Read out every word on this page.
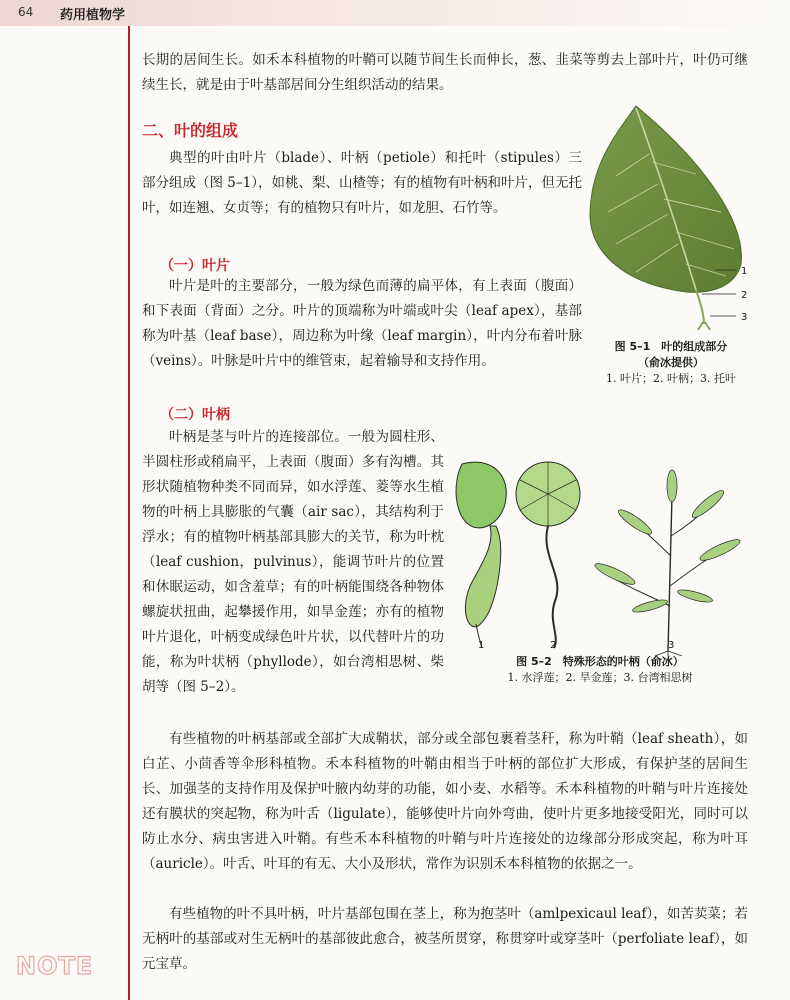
64 药用植物学
NOTE

长期的居间生长。如禾本科植物的叶鞘可以随节间生长而伸长，葱、韭菜等剪去上部叶片，叶仍可继续生长，就是由于叶基部居间分生组织活动的结果。

二、叶的组成

典型的叶由叶片（blade）、叶柄（petiole）和托叶（stipules）三部分组成（图 5–1），如桃、梨、山楂等；有的植物有叶柄和叶片，但无托叶，如连翘、女贞等；有的植物只有叶片，如龙胆、石竹等。

（一）叶片

叶片是叶的主要部分，一般为绿色而薄的扁平体，有上表面（腹面）和下表面（背面）之分。叶片的顶端称为叶端或叶尖（leaf apex），基部称为叶基（leaf base），周边称为叶缘（leaf margin），叶内分布着叶脉（veins）。叶脉是叶片中的维管束，起着输导和支持作用。

（二）叶柄

叶柄是茎与叶片的连接部位。一般为圆柱形、半圆柱形或稍扁平，上表面（腹面）多有沟槽。其形状随植物种类不同而异，如水浮莲、菱等水生植物的叶柄上具膨胀的气囊（air sac），其结构利于浮水；有的植物叶柄基部具膨大的关节，称为叶枕（leaf cushion，pulvinus），能调节叶片的位置和休眠运动，如含羞草；有的叶柄能围绕各种物体螺旋状扭曲，起攀援作用，如旱金莲；亦有的植物叶片退化，叶柄变成绿色叶片状，以代替叶片的功能，称为叶状柄（phyllode），如台湾相思树、柴胡等（图 5–2）。

有些植物的叶柄基部或全部扩大成鞘状，部分或全部包裹着茎秆，称为叶鞘（leaf sheath），如白芷、小茴香等伞形科植物。禾本科植物的叶鞘由相当于叶柄的部位扩大形成，有保护茎的居间生长、加强茎的支持作用及保护叶腋内幼芽的功能，如小麦、水稻等。禾本科植物的叶鞘与叶片连接处还有膜状的突起物，称为叶舌（ligulate），能够使叶片向外弯曲，使叶片更多地接受阳光，同时可以防止水分、病虫害进入叶鞘。有些禾本科植物的叶鞘与叶片连接处的边缘部分形成突起，称为叶耳（auricle）。叶舌、叶耳的有无、大小及形状，常作为识别禾本科植物的依据之一。

有些植物的叶不具叶柄，叶片基部包围在茎上，称为抱茎叶（amlpexicaul leaf），如苦荬菜；若无柄叶的基部或对生无柄叶的基部彼此愈合，被茎所贯穿，称贯穿叶或穿茎叶（perfoliate leaf），如元宝草。

1
2
3
图 5–1　叶的组成部分
（俞冰提供）
1. 叶片；2. 叶柄；3. 托叶
1	2	3
图 5–2　特殊形态的叶柄（俞冰）
1. 水浮莲；2. 旱金莲；3. 台湾相思树
